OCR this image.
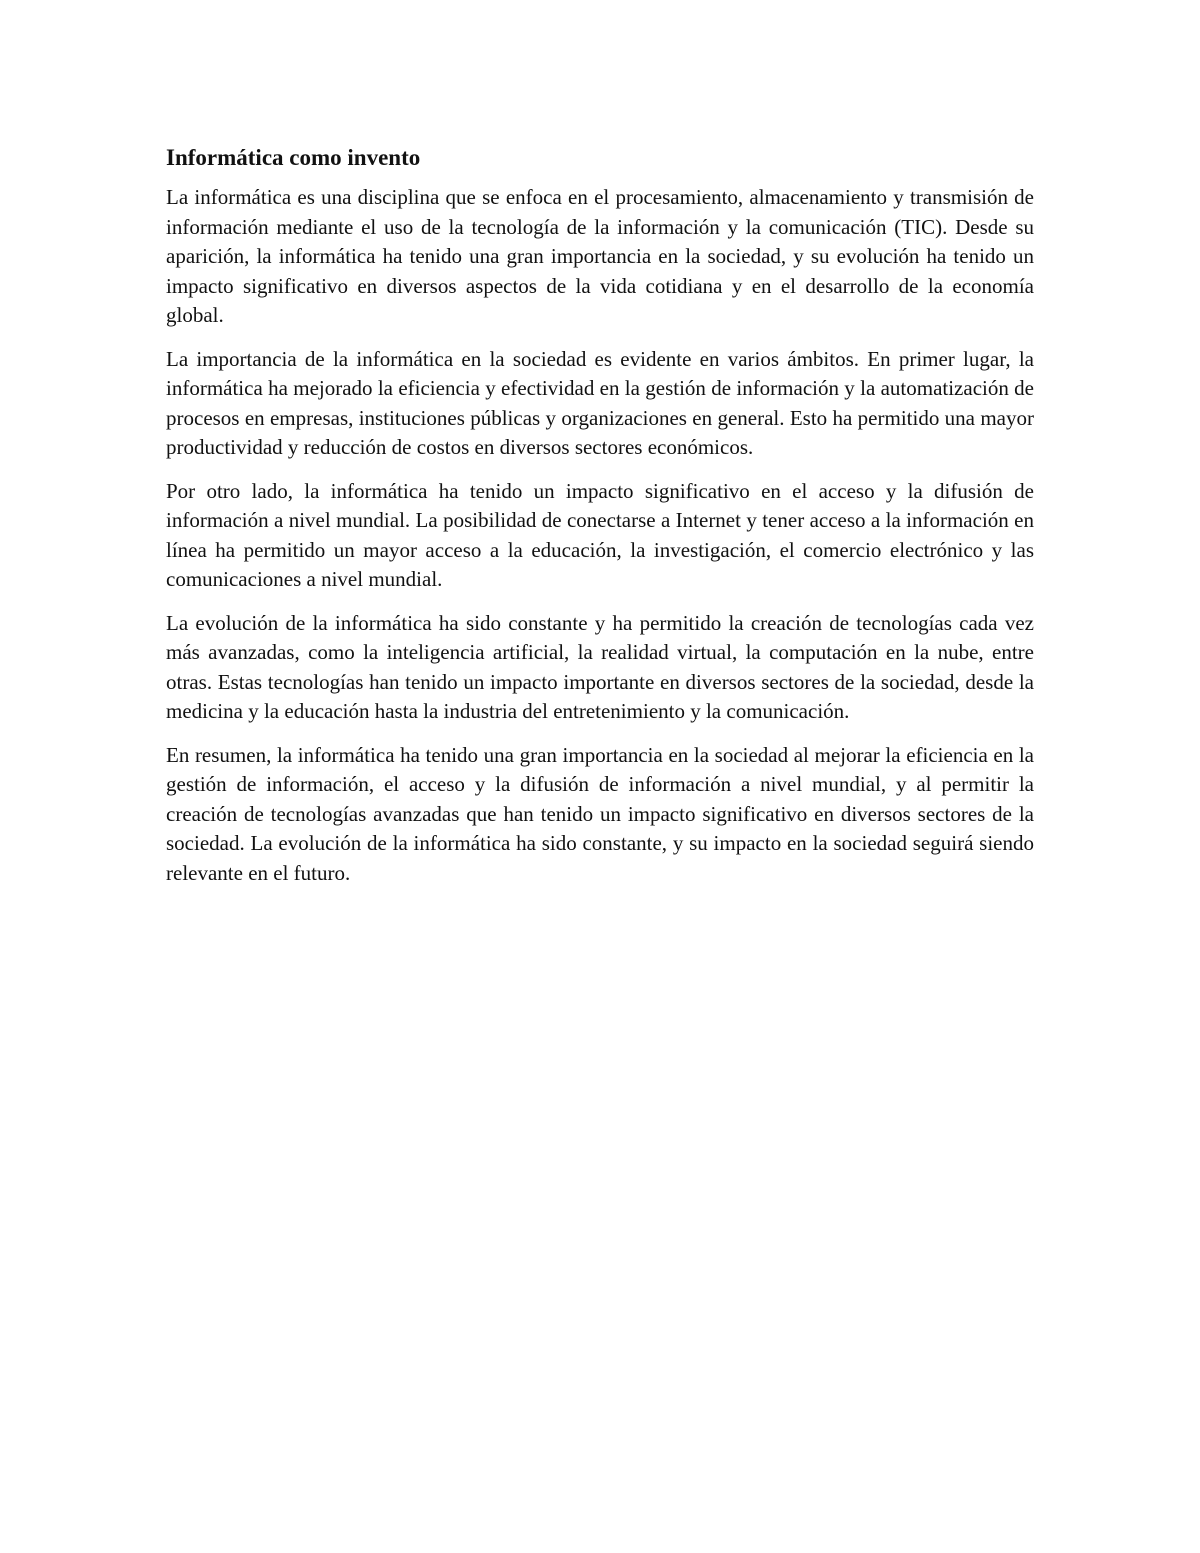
Informática como invento

La informática es una disciplina que se enfoca en el procesamiento, almacenamiento y transmisión de información mediante el uso de la tecnología de la información y la comunicación (TIC). Desde su aparición, la informática ha tenido una gran importancia en la sociedad, y su evolución ha tenido un impacto significativo en diversos aspectos de la vida cotidiana y en el desarrollo de la economía global.

La importancia de la informática en la sociedad es evidente en varios ámbitos. En primer lugar, la informática ha mejorado la eficiencia y efectividad en la gestión de información y la automatización de procesos en empresas, instituciones públicas y organizaciones en general. Esto ha permitido una mayor productividad y reducción de costos en diversos sectores económicos.

Por otro lado, la informática ha tenido un impacto significativo en el acceso y la difusión de información a nivel mundial. La posibilidad de conectarse a Internet y tener acceso a la información en línea ha permitido un mayor acceso a la educación, la investigación, el comercio electrónico y las comunicaciones a nivel mundial.

La evolución de la informática ha sido constante y ha permitido la creación de tecnologías cada vez más avanzadas, como la inteligencia artificial, la realidad virtual, la computación en la nube, entre otras. Estas tecnologías han tenido un impacto importante en diversos sectores de la sociedad, desde la medicina y la educación hasta la industria del entretenimiento y la comunicación.

En resumen, la informática ha tenido una gran importancia en la sociedad al mejorar la eficiencia en la gestión de información, el acceso y la difusión de información a nivel mundial, y al permitir la creación de tecnologías avanzadas que han tenido un impacto significativo en diversos sectores de la sociedad. La evolución de la informática ha sido constante, y su impacto en la sociedad seguirá siendo relevante en el futuro.
